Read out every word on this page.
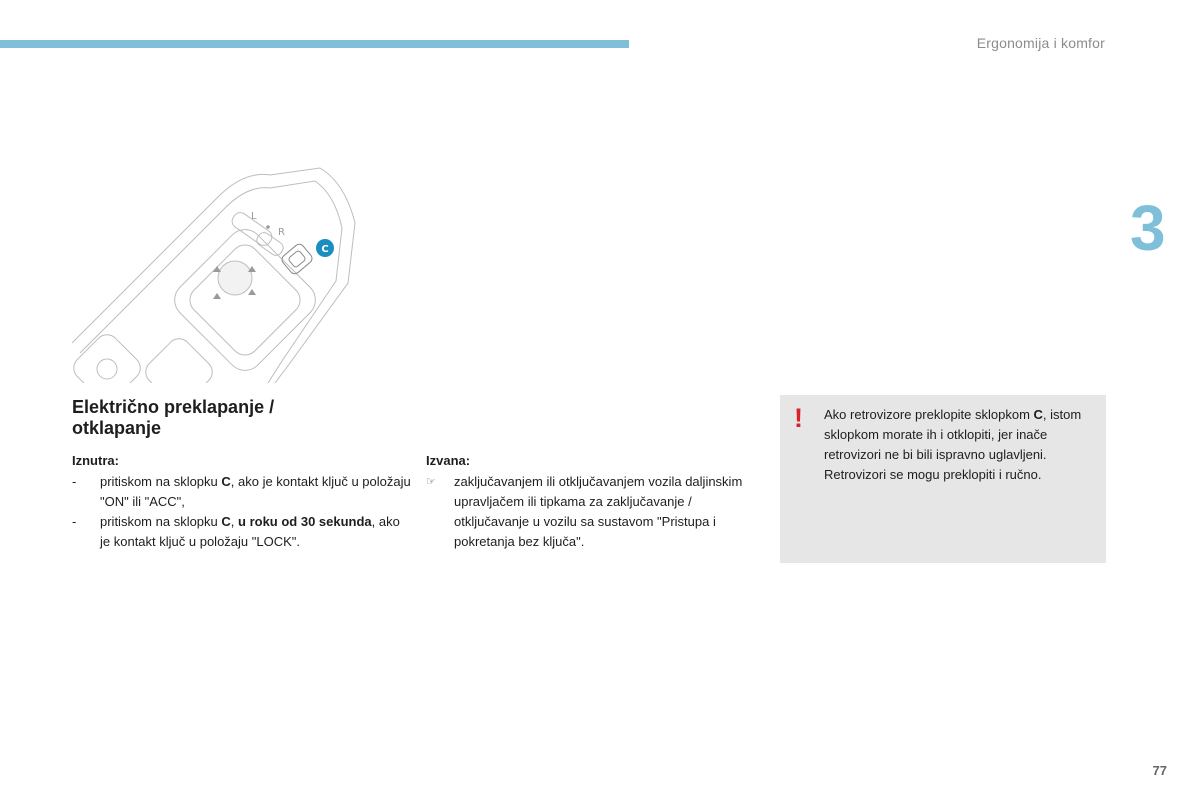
Ergonomija i komfor
3
L
R
C
Električno preklapanje / otklapanje
Iznutra:
- pritiskom na sklopku C, ako je kontakt ključ u položaju "ON" ili "ACC",
- pritiskom na sklopku C, u roku od 30 sekunda, ako je kontakt ključ u položaju "LOCK".
Izvana:
☞ zaključavanjem ili otključavanjem vozila daljinskim upravljačem ili tipkama za zaključavanje / otključavanje u vozilu sa sustavom "Pristupa i pokretanja bez ključa".
! Ako retrovizore preklopite sklopkom C, istom sklopkom morate ih i otklopiti, jer inače retrovizori ne bi bili ispravno uglavljeni.
Retrovizori se mogu preklopiti i ručno.
77
